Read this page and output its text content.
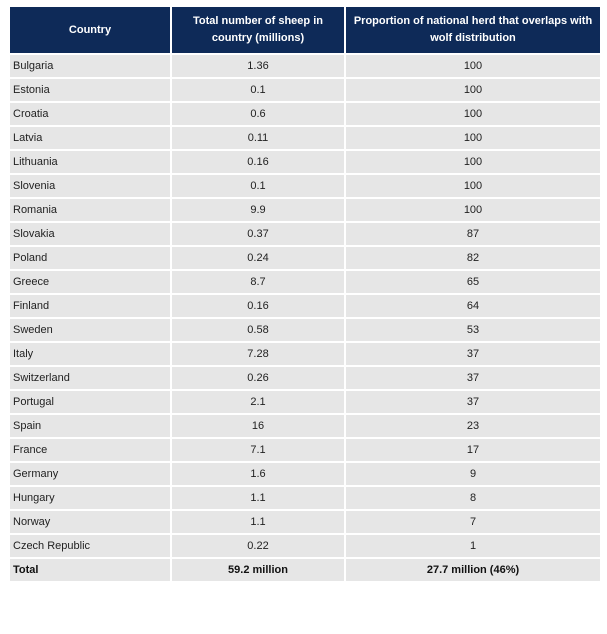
Country	Total number of sheep in country (millions)	Proportion of national herd that overlaps with wolf distribution
Bulgaria	1.36	100
Estonia	0.1	100
Croatia	0.6	100
Latvia	0.11	100
Lithuania	0.16	100
Slovenia	0.1	100
Romania	9.9	100
Slovakia	0.37	87
Poland	0.24	82
Greece	8.7	65
Finland	0.16	64
Sweden	0.58	53
Italy	7.28	37
Switzerland	0.26	37
Portugal	2.1	37
Spain	16	23
France	7.1	17
Germany	1.6	9
Hungary	1.1	8
Norway	1.1	7
Czech Republic	0.22	1
Total	59.2 million	27.7 million (46%)
